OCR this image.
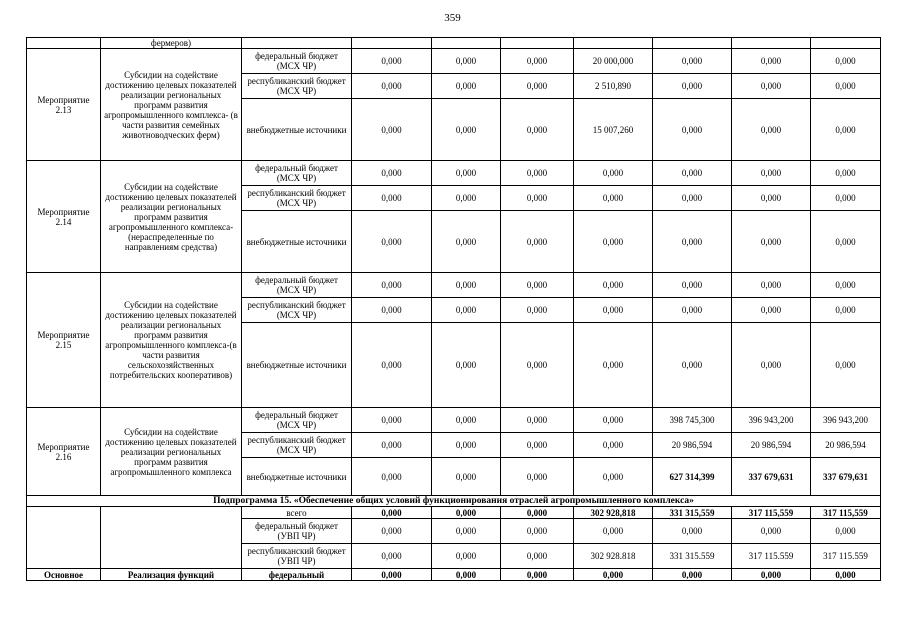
359
	фермеров)								
Мероприятие 2.13	Субсидии на содействие достижению целевых показателей реализации региональных программ развития агропромышленного комплекса- (в части развития семейных животноводческих ферм)	федеральный бюджет (МСХ ЧР)	0,000	0,000	0,000	20 000,000	0,000	0,000	0,000
		республиканский бюджет (МСХ ЧР)	0,000	0,000	0,000	2 510,890	0,000	0,000	0,000
		внебюджетные источники	0,000	0,000	0,000	15 007,260	0,000	0,000	0,000
Мероприятие 2.14	Субсидии на содействие достижению целевых показателей реализации региональных программ развития агропромышленного комплекса- (нераспределенные по направлениям средства)	федеральный бюджет (МСХ ЧР)	0,000	0,000	0,000	0,000	0,000	0,000	0,000
		республиканский бюджет (МСХ ЧР)	0,000	0,000	0,000	0,000	0,000	0,000	0,000
		внебюджетные источники	0,000	0,000	0,000	0,000	0,000	0,000	0,000
Мероприятие 2.15	Субсидии на содействие достижению целевых показателей реализации региональных программ развития агропромышленного комплекса-(в части развития сельскохозяйственных потребительских кооперативов)	федеральный бюджет (МСХ ЧР)	0,000	0,000	0,000	0,000	0,000	0,000	0,000
		республиканский бюджет (МСХ ЧР)	0,000	0,000	0,000	0,000	0,000	0,000	0,000
		внебюджетные источники	0,000	0,000	0,000	0,000	0,000	0,000	0,000
Мероприятие 2.16	Субсидии на содействие достижению целевых показателей реализации региональных программ развития агропромышленного комплекса	федеральный бюджет (МСХ ЧР)	0,000	0,000	0,000	0,000	398 745,300	396 943,200	396 943,200
		республиканский бюджет (МСХ ЧР)	0,000	0,000	0,000	0,000	20 986,594	20 986,594	20 986,594
		внебюджетные источники	0,000	0,000	0,000	0,000	627 314,399	337 679,631	337 679,631
Подпрограмма 15. «Обеспечение общих условий функционирования отраслей агропромышленного комплекса»									
		всего	0,000	0,000	0,000	302 928,818	331 315,559	317 115,559	317 115,559
		федеральный бюджет (УВП ЧР)	0,000	0,000	0,000	0,000	0,000	0,000	0,000
		республиканский бюджет (УВП ЧР)	0,000	0,000	0,000	302 928.818	331 315.559	317 115.559	317 115.559
Основное	Реализация функций	федеральный	0,000	0,000	0,000	0,000	0,000	0,000	0,000
